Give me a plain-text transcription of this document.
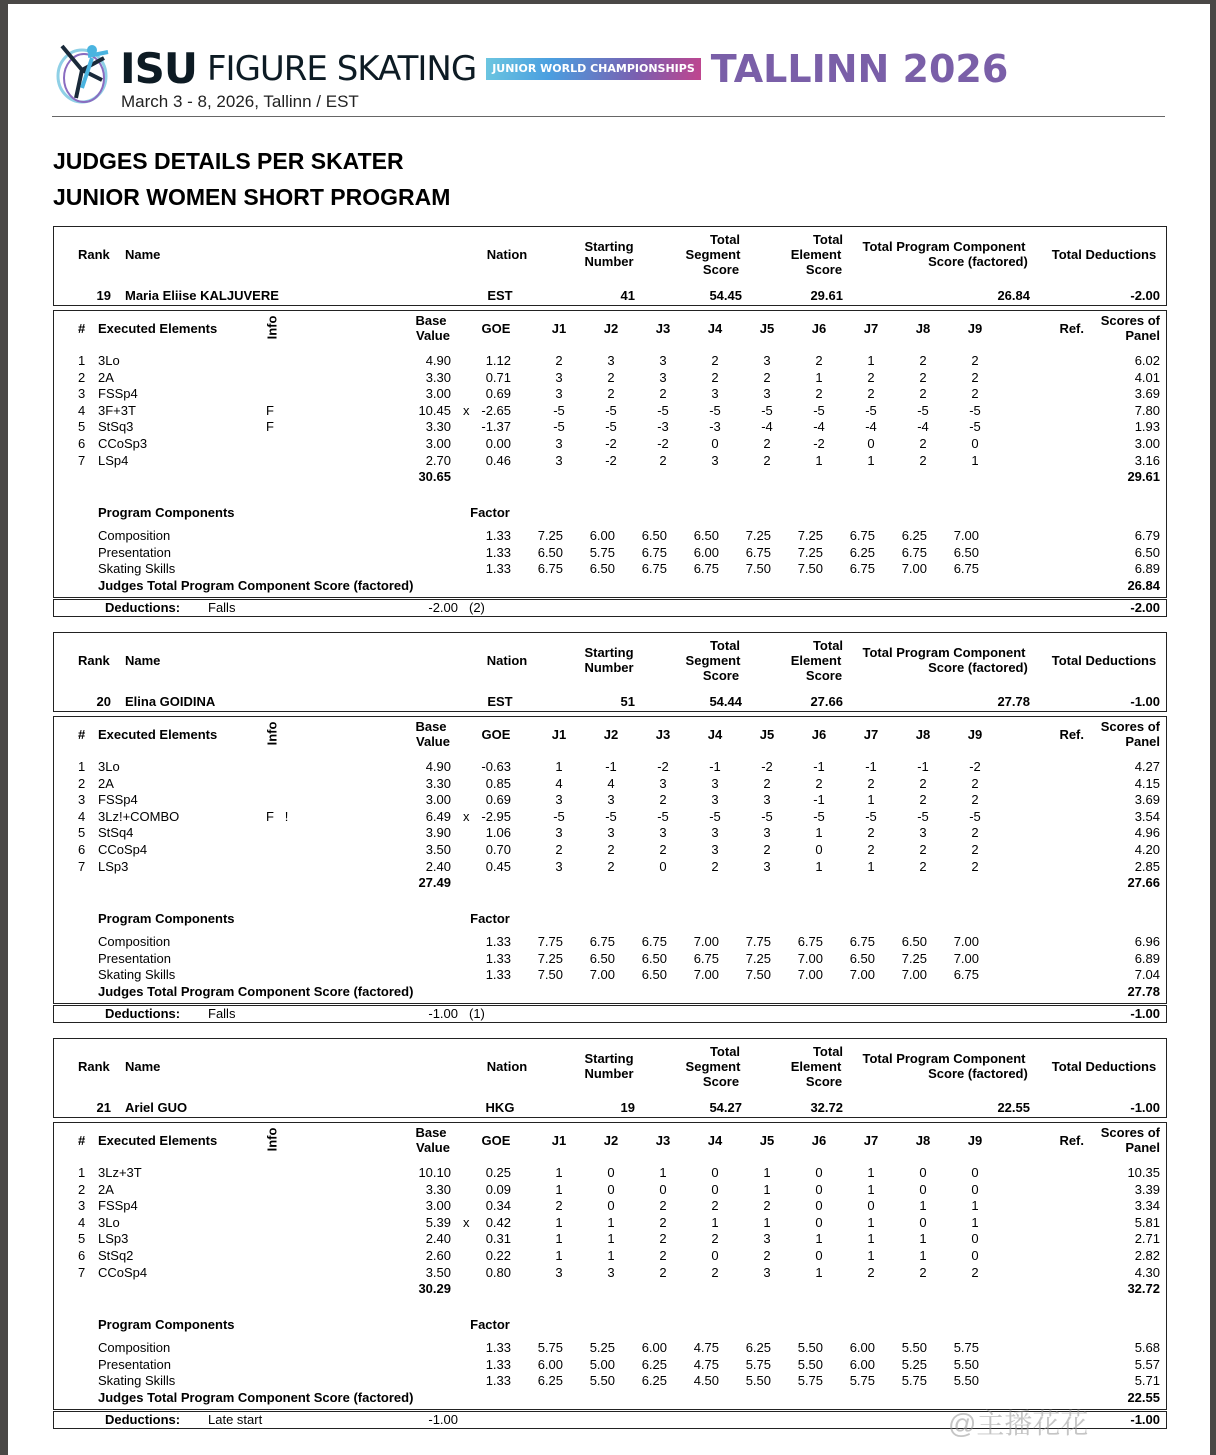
ISU FIGURE SKATING	JUNIOR WORLD CHAMPIONSHIPS TALLINN 2026
March 3 - 8, 2026, Tallinn / EST
JUDGES DETAILS PER SKATER
JUNIOR WOMEN SHORT PROGRAM
Rank Name	Nation
Starting
Number
Total
Segment
Score
Total
Element
Score
Total Program Component
Score (factored)	Total Deductions
19 Maria Eliise KALJUVERE	EST	41	54.45	29.61	26.84	-2.00
# Executed Elements	Info	Base
Value	GOE	J1	J2	J3	J4	J5	J6	J7	J8	J9	Ref.
Scores of
Panel
1 3Lo	4.90	1.12	2	3	3	2	3	2	1	2	2	6.02
2 2A	3.30	0.71	3	2	3	2	2	1	2	2	2	4.01
3 FSSp4	3.00	0.69	3	2	2	3	3	2	2	2	2	3.69
4 3F+3T	F	10.45 x -2.65	-5	-5	-5	-5	-5	-5	-5	-5	-5	7.80
5 StSq3	F	3.30	-1.37	-5	-5	-3	-3	-4	-4	-4	-4	-5	1.93
6 CCoSp3	3.00	0.00	3	-2	-2	0	2	-2	0	2	0	3.00
7 LSp4	2.70	0.46	3	-2	2	3	2	1	1	2	1	3.16
30.65	29.61
Program Components	Factor
Composition	1.33	7.25	6.00	6.50	6.50	7.25	7.25	6.75	6.25	7.00	6.79
Presentation	1.33	6.50	5.75	6.75	6.00	6.75	7.25	6.25	6.75	6.50	6.50
Skating Skills	1.33	6.75	6.50	6.75	6.75	7.50	7.50	6.75	7.00	6.75	6.89
Judges Total Program Component Score (factored)	26.84
Deductions: Falls	-2.00 (2)	-2.00
Rank Name	Nation
Starting
Number
Total
Segment
Score
Total
Element
Score
Total Program Component
Score (factored)	Total Deductions
20 Elina GOIDINA	EST	51	54.44	27.66	27.78	-1.00
# Executed Elements	Info	Base
Value	GOE	J1	J2	J3	J4	J5	J6	J7	J8	J9	Ref.
Scores of
Panel
1 3Lo	4.90	-0.63	1	-1	-2	-1	-2	-1	-1	-1	-2	4.27
2 2A	3.30	0.85	4	4	3	3	2	2	2	2	2	4.15
3 FSSp4	3.00	0.69	3	3	2	3	3	-1	1	2	2	3.69
4 3Lz!+COMBO	F   !	6.49 x -2.95	-5	-5	-5	-5	-5	-5	-5	-5	-5	3.54
5 StSq4	3.90	1.06	3	3	3	3	3	1	2	3	2	4.96
6 CCoSp4	3.50	0.70	2	2	2	3	2	0	2	2	2	4.20
7 LSp3	2.40	0.45	3	2	0	2	3	1	1	2	2	2.85
27.49	27.66
Program Components	Factor
Composition	1.33	7.75	6.75	6.75	7.00	7.75	6.75	6.75	6.50	7.00	6.96
Presentation	1.33	7.25	6.50	6.50	6.75	7.25	7.00	6.50	7.25	7.00	6.89
Skating Skills	1.33	7.50	7.00	6.50	7.00	7.50	7.00	7.00	7.00	6.75	7.04
Judges Total Program Component Score (factored)	27.78
Deductions: Falls	-1.00 (1)	-1.00
Rank Name	Nation
Starting
Number
Total
Segment
Score
Total
Element
Score
Total Program Component
Score (factored)	Total Deductions
21 Ariel GUO	HKG	19	54.27	32.72	22.55	-1.00
# Executed Elements	Info	Base
Value	GOE	J1	J2	J3	J4	J5	J6	J7	J8	J9	Ref.
Scores of
Panel
1 3Lz+3T	10.10	0.25	1	0	1	0	1	0	1	0	0	10.35
2 2A	3.30	0.09	1	0	0	0	1	0	1	0	0	3.39
3 FSSp4	3.00	0.34	2	0	2	2	2	0	0	1	1	3.34
4 3Lo	5.39 x	0.42	1	1	2	1	1	0	1	0	1	5.81
5 LSp3	2.40	0.31	1	1	2	2	3	1	1	1	0	2.71
6 StSq2	2.60	0.22	1	1	2	0	2	0	1	1	0	2.82
7 CCoSp4	3.50	0.80	3	3	2	2	3	1	2	2	2	4.30
30.29	32.72
Program Components	Factor
Composition	1.33	5.75	5.25	6.00	4.75	6.25	5.50	6.00	5.50	5.75	5.68
Presentation	1.33	6.00	5.00	6.25	4.75	5.75	5.50	6.00	5.25	5.50	5.57
Skating Skills	1.33	6.25	5.50	6.25	4.50	5.50	5.75	5.75	5.75	5.50	5.71
Judges Total Program Component Score (factored)	22.55
Deductions: Late start	-1.00	-1.00
@主播花花
